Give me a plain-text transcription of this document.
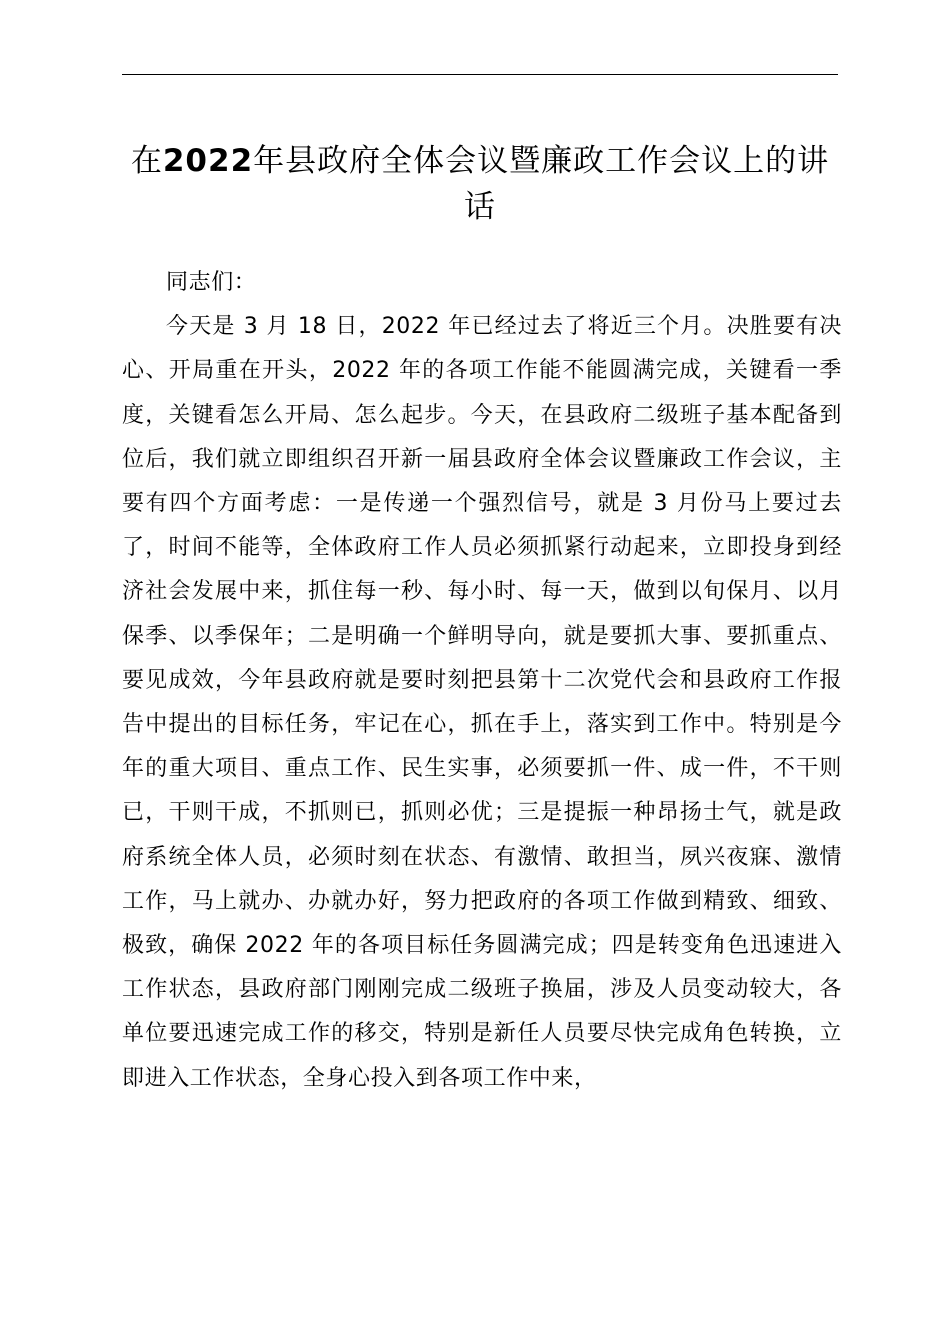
在2022年县政府全体会议暨廉政工作会议上的讲话

同志们：

今天是 3 月 18 日，2022 年已经过去了将近三个月。决胜要有决心、开局重在开头，2022 年的各项工作能不能圆满完成，关键看一季度，关键看怎么开局、怎么起步。今天，在县政府二级班子基本配备到位后，我们就立即组织召开新一届县政府全体会议暨廉政工作会议，主要有四个方面考虑：一是传递一个强烈信号，就是 3 月份马上要过去了，时间不能等，全体政府工作人员必须抓紧行动起来，立即投身到经济社会发展中来，抓住每一秒、每小时、每一天，做到以旬保月、以月保季、以季保年；二是明确一个鲜明导向，就是要抓大事、要抓重点、要见成效，今年县政府就是要时刻把县第十二次党代会和县政府工作报告中提出的目标任务，牢记在心，抓在手上，落实到工作中。特别是今年的重大项目、重点工作、民生实事，必须要抓一件、成一件，不干则已，干则干成，不抓则已，抓则必优；三是提振一种昂扬士气，就是政府系统全体人员，必须时刻在状态、有激情、敢担当，夙兴夜寐、激情工作，马上就办、办就办好，努力把政府的各项工作做到精致、细致、极致，确保 2022 年的各项目标任务圆满完成；四是转变角色迅速进入工作状态，县政府部门刚刚完成二级班子换届，涉及人员变动较大，各单位要迅速完成工作的移交，特别是新任人员要尽快完成角色转换，立即进入工作状态，全身心投入到各项工作中来，
